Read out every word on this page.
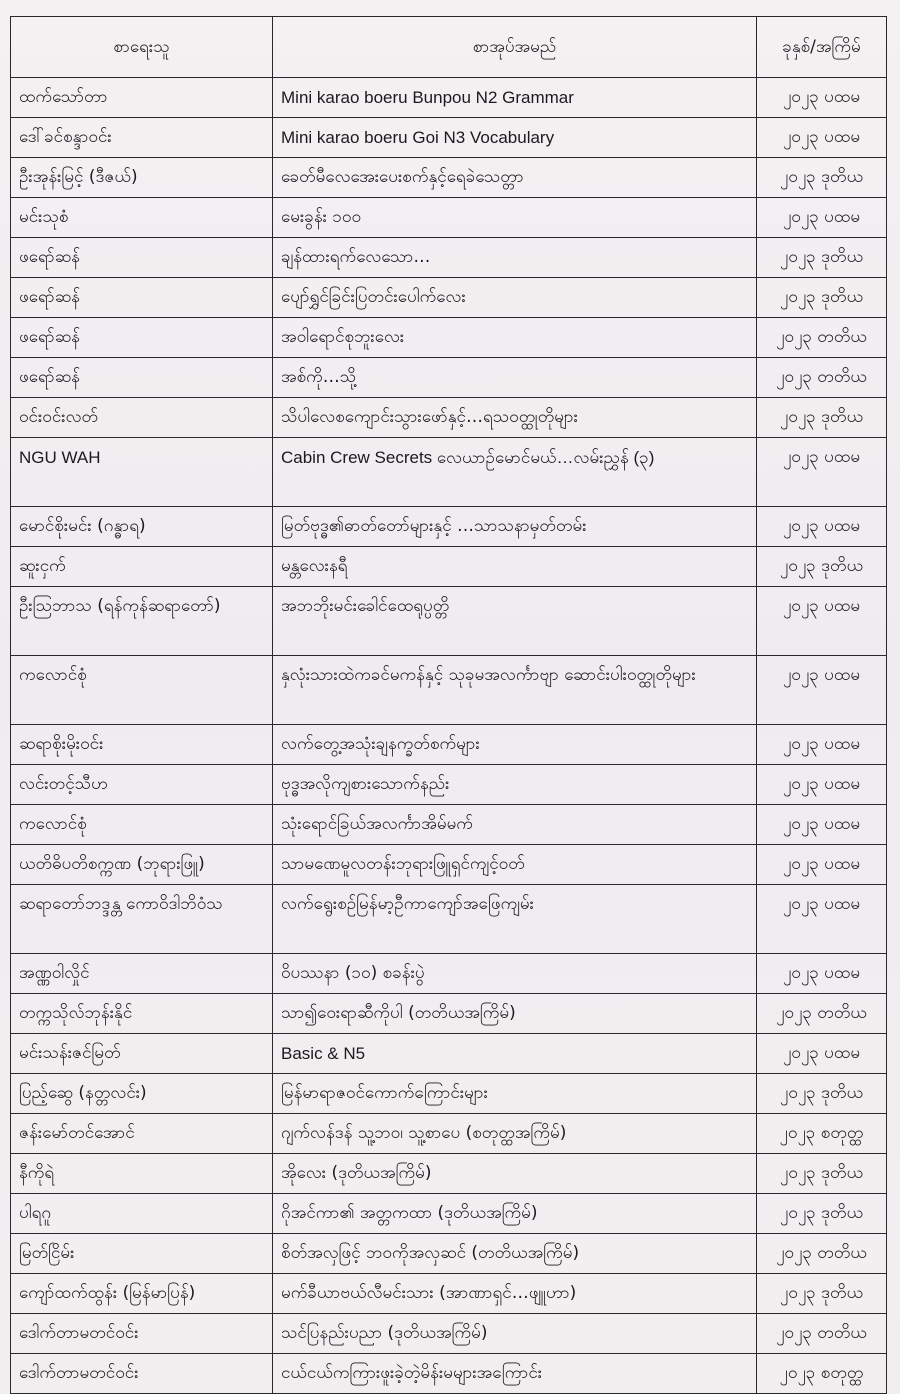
စာရေးသူ	စာအုပ်အမည်	ခုနှစ်/အကြိမ်
ထက်သော်တာ	Mini karao boeru Bunpou N2 Grammar	၂၀၂၃ ပထမ
ဒေါ်ခင်စန္ဒာဝင်း	Mini karao boeru Goi N3 Vocabulary	၂၀၂၃ ပထမ
ဦးအုန်းမြင့် (ဒီဇယ်)	ခေတ်မီလေအေးပေးစက်နှင့်ရေခဲသေတ္တာ	၂၀၂၃ ဒုတိယ
မင်းသုစံ	မေးခွန်း ၁၀၀	၂၀၂၃ ပထမ
ဖရော်ဆန်	ချန်ထားရက်လေသော…	၂၀၂၃ ဒုတိယ
ဖရော်ဆန်	ပျော်ရွှင်ခြင်းပြတင်းပေါက်လေး	၂၀၂၃ ဒုတိယ
ဖရော်ဆန်	အဝါရောင်စုဘူးလေး	၂၀၂၃ တတိယ
ဖရော်ဆန်	အစ်ကို…သို့	၂၀၂၃ တတိယ
ဝင်းဝင်းလတ်	သိပါလေစကျောင်းသွားဖော်နှင့်…ရသဝတ္ထုတိုများ	၂၀၂၃ ဒုတိယ
NGU WAH	Cabin Crew Secrets လေယာဉ်မောင်မယ်…လမ်းညွှန် (၃)	၂၀၂၃ ပထမ
မောင်စိုးမင်း (ဂန္ဓာရ)	မြတ်ဗုဒ္ဓ၏ဓာတ်တော်များနှင့် …သာသနာမှတ်တမ်း	၂၀၂၃ ပထမ
ဆူးငှက်	မန္တလေးနရီ	၂၀၂၃ ဒုတိယ
ဦးဩဘာသ (ရန်ကုန်ဆရာတော်)	အဘဘိုးမင်းခေါင်ထေရုပ္ပတ္တိ	၂၀၂၃ ပထမ
ကလောင်စုံ	နှလုံးသားထဲကခင်မကန်နှင့် သုခုမအလင်္ကာဗျာ ဆောင်းပါးဝတ္ထုတိုများ	၂၀၂၃ ပထမ
ဆရာစိုးမိုးဝင်း	လက်တွေ့အသုံးချနက္ခတ်စက်များ	၂၀၂၃ ပထမ
လင်းတင့်သီဟ	ဗုဒ္ဓအလိုကျစားသောက်နည်း	၂၀၂၃ ပထမ
ကလောင်စုံ	သုံးရောင်ခြယ်အလင်္ကာအိမ်မက်	၂၀၂၃ ပထမ
ယတိဓိပတိစက္ကဏ (ဘုရားဖြူ)	သာမဏေမူလတန်းဘုရားဖြူရှင်ကျင့်ဝတ်	၂၀၂၃ ပထမ
ဆရာတော်ဘဒ္ဒန္တ ကောဝိဒါဘိဝံသ	လက်ရွေးစဉ်မြန်မာ့ဦကာကျော်အဖြေကျမ်း	၂၀၂၃ ပထမ
အဏ္ဏဝါလှိုင်	ဝိပဿနာ (၁၀) စခန်းပွဲ	၂၀၂၃ ပထမ
တက္ကသိုလ်ဘုန်းနိုင်	သာ၍ဝေးရာဆီကိုပါ (တတိယအကြိမ်)	၂၀၂၃ တတိယ
မင်းသန်းဇင်မြတ်	Basic & N5	၂၀၂၃ ပထမ
ပြည့်ဆွေ (နတ္တလင်း)	မြန်မာရာဇဝင်ကောက်ကြောင်းများ	၂၀၂၃ ဒုတိယ
ဇန်းမော်တင်အောင်	ဂျက်လန်ဒန် သူ့ဘဝ၊ သူ့စာပေ (စတုတ္ထအကြိမ်)	၂၀၂၃ စတုတ္ထ
နီကိုရဲ	အိုလေး (ဒုတိယအကြိမ်)	၂၀၂၃ ဒုတိယ
ပါရဂူ	ဂိုအင်ကာ၏ အတ္တကထာ (ဒုတိယအကြိမ်)	၂၀၂၃ ဒုတိယ
မြတ်ငြိမ်း	စိတ်အလှဖြင့် ဘဝကိုအလှဆင် (တတိယအကြိမ်)	၂၀၂၃ တတိယ
ကျော်ထက်ထွန်း (မြန်မာပြန်)	မက်ခီယာဗယ်လီမင်းသား (အာဏာရှင်…ဖျူဟာ)	၂၀၂၃ ဒုတိယ
ဒေါက်တာမတင်ဝင်း	သင်ပြနည်းပညာ (ဒုတိယအကြိမ်)	၂၀၂၃ တတိယ
ဒေါက်တာမတင်ဝင်း	ငယ်ငယ်ကကြားဖူးခဲ့တဲ့မိန်းမများအကြောင်း	၂၀၂၃ စတုတ္ထ
